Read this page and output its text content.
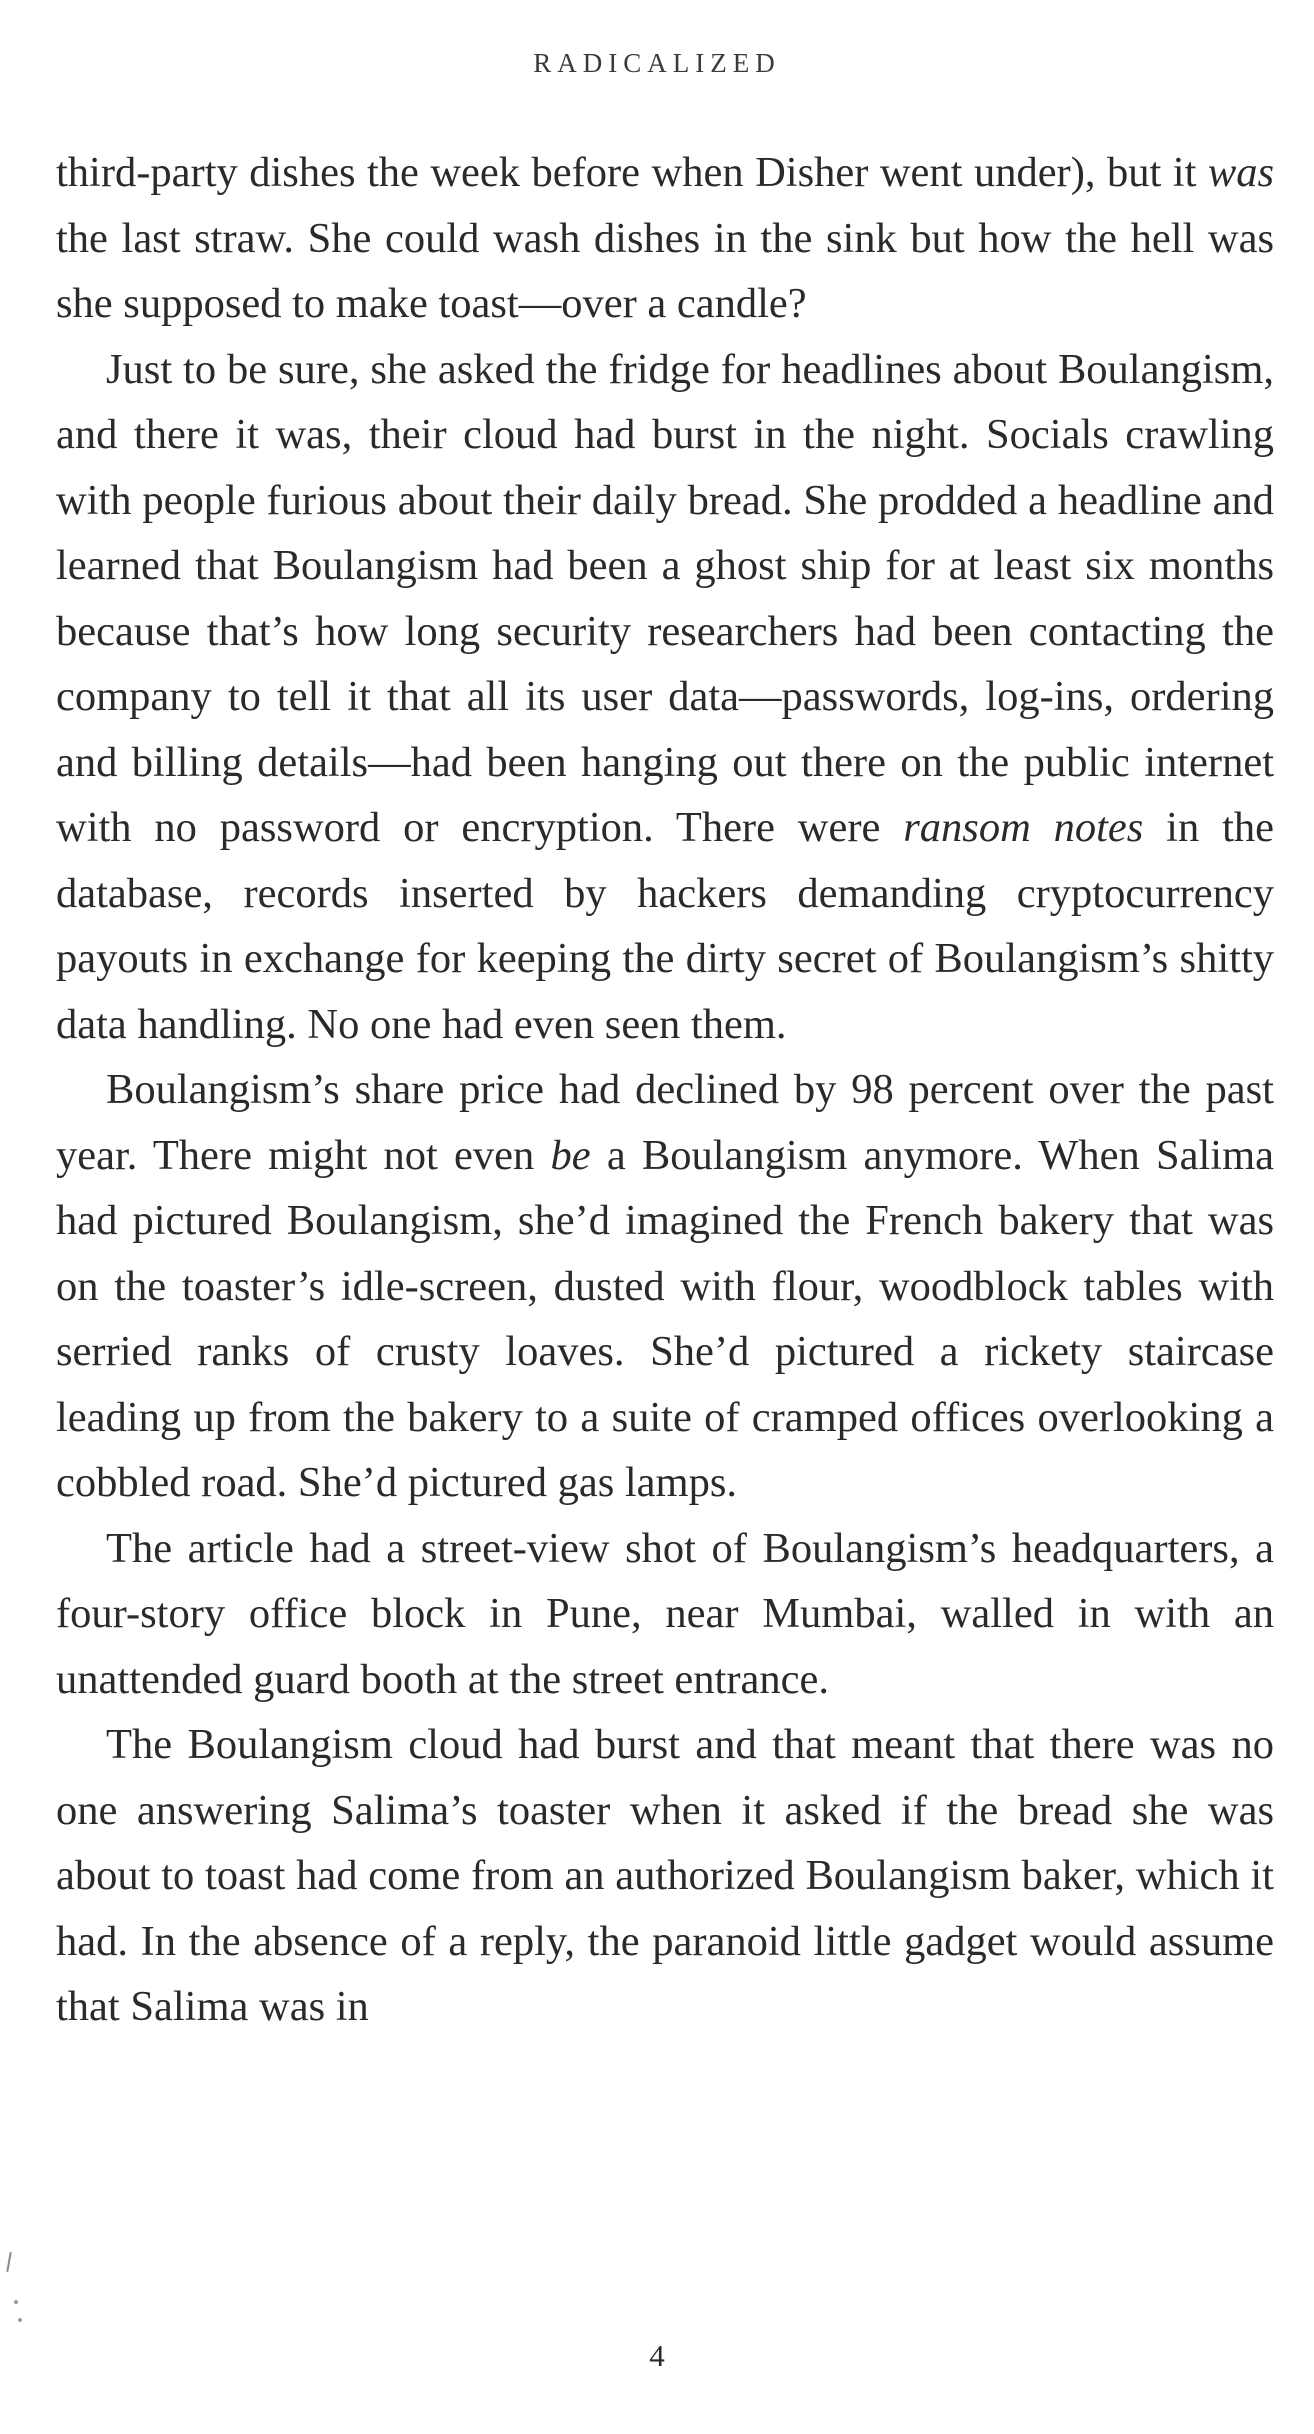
RADICALIZED

third-party dishes the week before when Disher went under), but it was the last straw. She could wash dishes in the sink but how the hell was she supposed to make toast—over a candle?

Just to be sure, she asked the fridge for headlines about Boulangism, and there it was, their cloud had burst in the night. Socials crawling with people furious about their daily bread. She prodded a headline and learned that Boulangism had been a ghost ship for at least six months because that’s how long security researchers had been contacting the company to tell it that all its user data—passwords, log-ins, ordering and billing details—had been hanging out there on the public internet with no password or encryption. There were ransom notes in the database, records inserted by hackers demanding cryptocurrency payouts in exchange for keeping the dirty secret of Boulangism’s shitty data handling. No one had even seen them.

Boulangism’s share price had declined by 98 percent over the past year. There might not even be a Boulangism anymore. When Salima had pictured Boulangism, she’d imagined the French bakery that was on the toaster’s idle-screen, dusted with flour, woodblock tables with serried ranks of crusty loaves. She’d pictured a rickety staircase leading up from the bakery to a suite of cramped offices overlooking a cobbled road. She’d pictured gas lamps.

The article had a street-view shot of Boulangism’s headquarters, a four-story office block in Pune, near Mumbai, walled in with an unattended guard booth at the street entrance.

The Boulangism cloud had burst and that meant that there was no one answering Salima’s toaster when it asked if the bread she was about to toast had come from an authorized Boulangism baker, which it had. In the absence of a reply, the paranoid little gadget would assume that Salima was in

4
